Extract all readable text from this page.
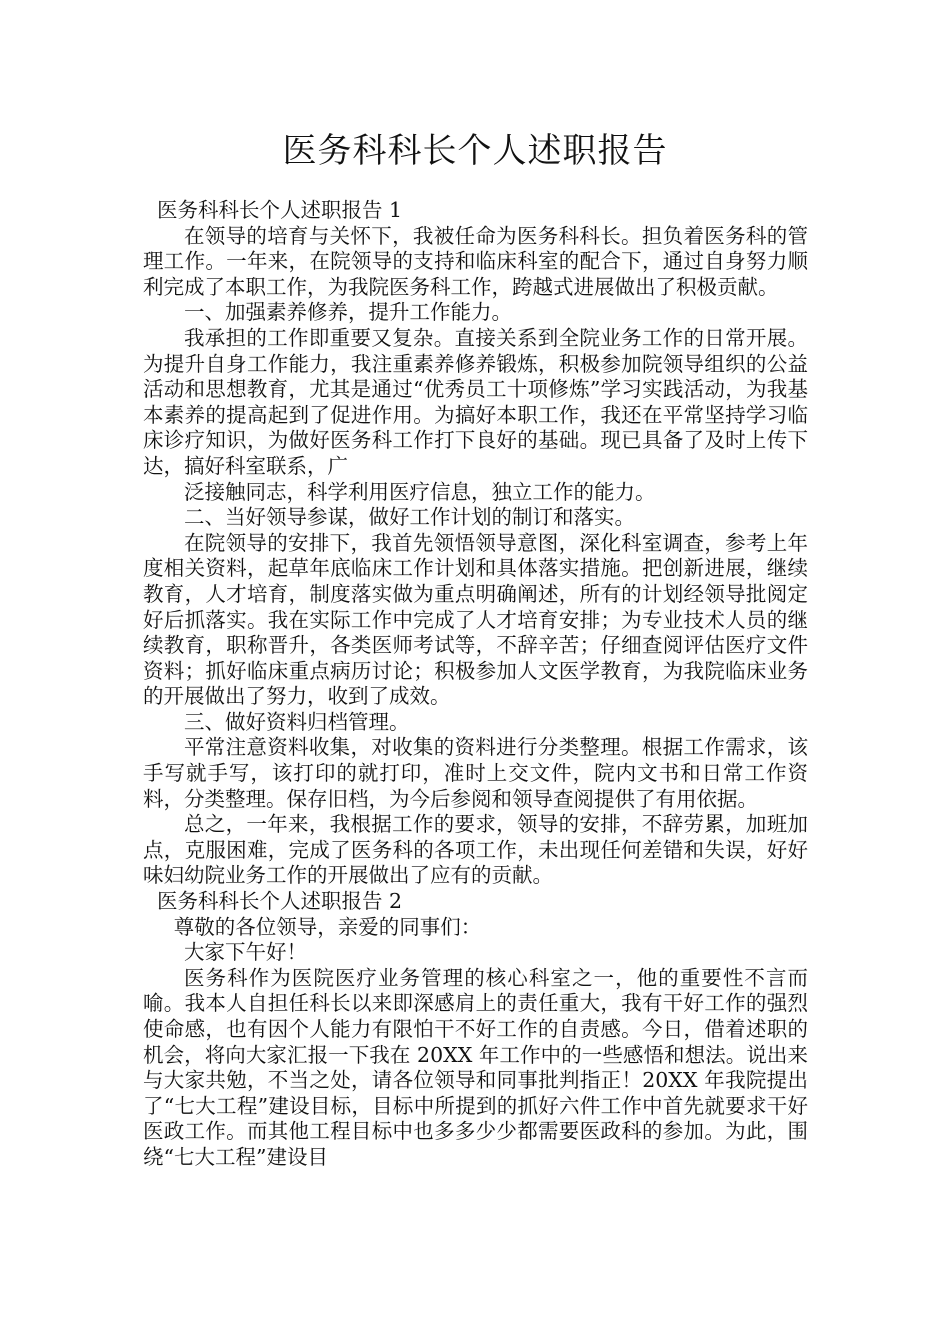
医务科科长个人述职报告

医务科科长个人述职报告 1

在领导的培育与关怀下，我被任命为医务科科长。担负着医务科的管理工作。一年来，在院领导的支持和临床科室的配合下，通过自身努力顺利完成了本职工作，为我院医务科工作，跨越式进展做出了积极贡献。

一、加强素养修养，提升工作能力。

我承担的工作即重要又复杂。直接关系到全院业务工作的日常开展。为提升自身工作能力，我注重素养修养锻炼，积极参加院领导组织的公益活动和思想教育，尤其是通过“优秀员工十项修炼”学习实践活动，为我基本素养的提高起到了促进作用。为搞好本职工作，我还在平常坚持学习临床诊疗知识，为做好医务科工作打下良好的基础。现已具备了及时上传下达，搞好科室联系，广

泛接触同志，科学利用医疗信息，独立工作的能力。

二、当好领导参谋，做好工作计划的制订和落实。

在院领导的安排下，我首先领悟领导意图，深化科室调查，参考上年度相关资料，起草年底临床工作计划和具体落实措施。把创新进展，继续教育，人才培育，制度落实做为重点明确阐述，所有的计划经领导批阅定好后抓落实。我在实际工作中完成了人才培育安排；为专业技术人员的继续教育，职称晋升，各类医师考试等，不辞辛苦；仔细查阅评估医疗文件资料；抓好临床重点病历讨论；积极参加人文医学教育，为我院临床业务的开展做出了努力，收到了成效。

三、做好资料归档管理。

平常注意资料收集，对收集的资料进行分类整理。根据工作需求，该手写就手写，该打印的就打印，准时上交文件，院内文书和日常工作资料，分类整理。保存旧档，为今后参阅和领导查阅提供了有用依据。

总之，一年来，我根据工作的要求，领导的安排，不辞劳累，加班加点，克服困难，完成了医务科的各项工作，未出现任何差错和失误，好好味妇幼院业务工作的开展做出了应有的贡献。

医务科科长个人述职报告 2

尊敬的各位领导，亲爱的同事们：

大家下午好！

医务科作为医院医疗业务管理的核心科室之一，他的重要性不言而喻。我本人自担任科长以来即深感肩上的责任重大，我有干好工作的强烈使命感，也有因个人能力有限怕干不好工作的自责感。今日，借着述职的机会，将向大家汇报一下我在 20XX 年工作中的一些感悟和想法。说出来与大家共勉，不当之处，请各位领导和同事批判指正！20XX 年我院提出了“七大工程”建设目标，目标中所提到的抓好六件工作中首先就要求干好医政工作。而其他工程目标中也多多少少都需要医政科的参加。为此，围绕“七大工程”建设目
